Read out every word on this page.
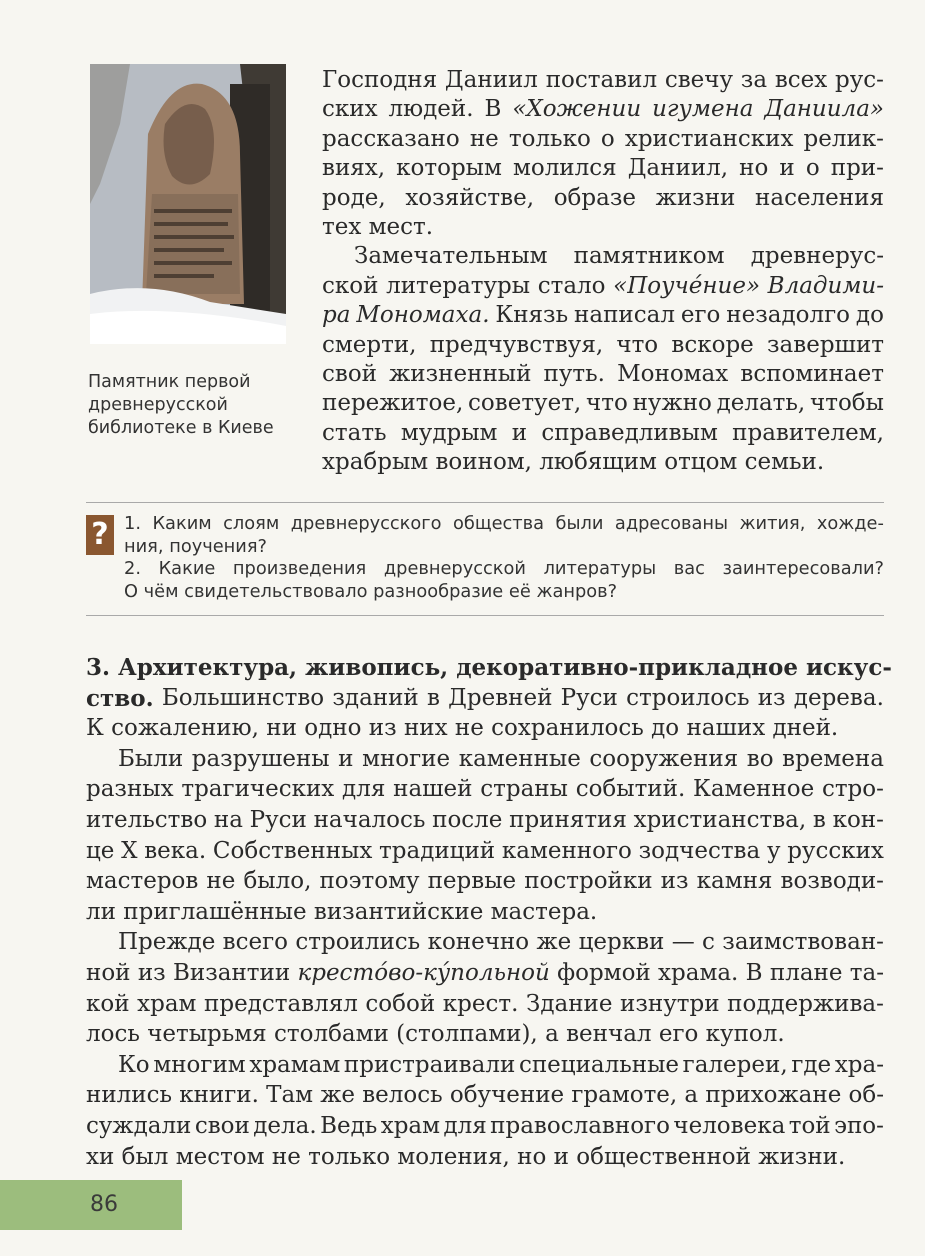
Памятник первой
древнерусской
библиотеке в Киеве
Господня Даниил поставил свечу за всех рус-
ских людей. В «Хожении игумена Даниила»
рассказано не только о христианских релик-
виях, которым молился Даниил, но и о при-
роде, хозяйстве, образе жизни населения
тех мест.
Замечательным памятником древнерус-
ской литературы стало «Поуче́ние» Владими-
ра Мономаха. Князь написал его незадолго до
смерти, предчувствуя, что вскоре завершит
свой жизненный путь. Мономах вспоминает
пережитое, советует, что нужно делать, чтобы
стать мудрым и справедливым правителем,
храбрым воином, любящим отцом семьи.
? 1. Каким слоям древнерусского общества были адресованы жития, хожде-
ния, поучения?
2. Какие произведения древнерусской литературы вас заинтересовали?
О чём свидетельствовало разнообразие её жанров?
3. Архитектура, живопись, декоративно-прикладное искус-
ство. Большинство зданий в Древней Руси строилось из дерева.
К сожалению, ни одно из них не сохранилось до наших дней.
Были разрушены и многие каменные сооружения во времена
разных трагических для нашей страны событий. Каменное стро-
ительство на Руси началось после принятия христианства, в кон-
це X века. Собственных традиций каменного зодчества у русских
мастеров не было, поэтому первые постройки из камня возводи-
ли приглашённые византийские мастера.
Прежде всего строились конечно же церкви — с заимствован-
ной из Византии кресто́во-ку́польной формой храма. В плане та-
кой храм представлял собой крест. Здание изнутри поддержива-
лось четырьмя столбами (столпами), а венчал его купол.
Ко многим храмам пристраивали специальные галереи, где хра-
нились книги. Там же велось обучение грамоте, а прихожане об-
суждали свои дела. Ведь храм для православного человека той эпо-
хи был местом не только моления, но и общественной жизни.
86
